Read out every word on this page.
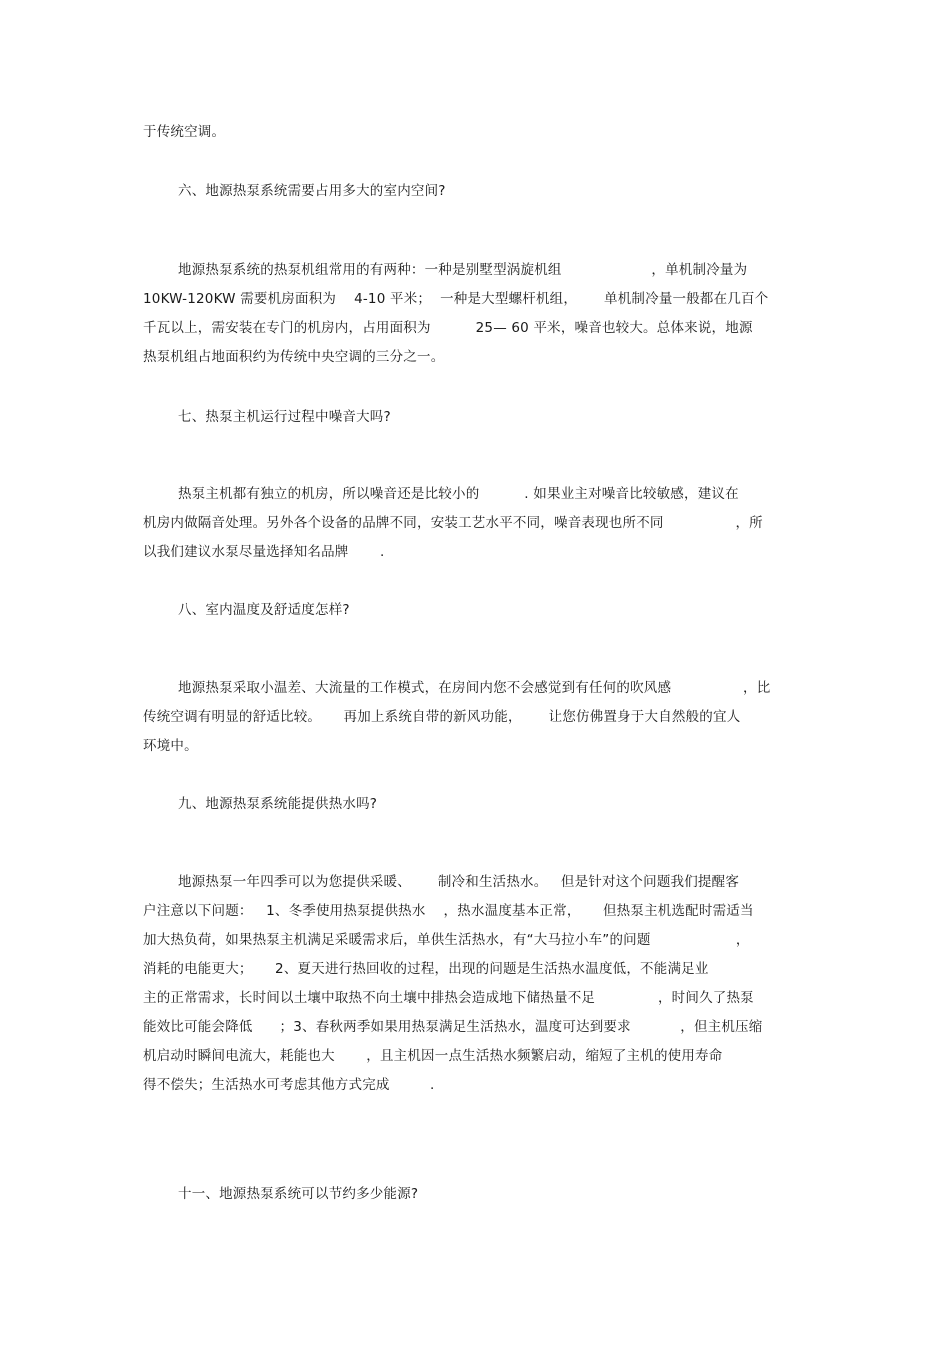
于传统空调。
六、地源热泵系统需要占用多大的室内空间?
地源热泵系统的热泵机组常用的有两种：一种是别墅型涡旋机组                    ，单机制冷量为
10KW-120KW 需要机房面积为    4-10 平米；  一种是大型螺杆机组，      单机制冷量一般都在几百个
千瓦以上，需安装在专门的机房内，占用面积为          25— 60 平米，噪音也较大。总体来说，地源
热泵机组占地面积约为传统中央空调的三分之一。
七、热泵主机运行过程中噪音大吗?
热泵主机都有独立的机房，所以噪音还是比较小的          . 如果业主对噪音比较敏感，建议在
机房内做隔音处理。另外各个设备的品牌不同，安装工艺水平不同，噪音表现也所不同                ，所
以我们建议水泵尽量选择知名品牌       .
八、室内温度及舒适度怎样?
地源热泵采取小温差、大流量的工作模式，在房间内您不会感觉到有任何的吹风感                ，比
传统空调有明显的舒适比较。     再加上系统自带的新风功能，      让您仿佛置身于大自然般的宜人
环境中。
九、地源热泵系统能提供热水吗?
地源热泵一年四季可以为您提供采暖、      制冷和生活热水。   但是针对这个问题我们提醒客
户注意以下问题：   1、冬季使用热泵提供热水    ，热水温度基本正常，     但热泵主机选配时需适当
加大热负荷，如果热泵主机满足采暖需求后，单供生活热水，有“大马拉小车”的问题                   ，
消耗的电能更大；     2、夏天进行热回收的过程，出现的问题是生活热水温度低，不能满足业
主的正常需求，长时间以土壤中取热不向土壤中排热会造成地下储热量不足              ，时间久了热泵
能效比可能会降低      ；3、春秋两季如果用热泵满足生活热水，温度可达到要求           ，但主机压缩
机启动时瞬间电流大，耗能也大       ，且主机因一点生活热水频繁启动，缩短了主机的使用寿命
得不偿失；生活热水可考虑其他方式完成         .
十一、地源热泵系统可以节约多少能源?
